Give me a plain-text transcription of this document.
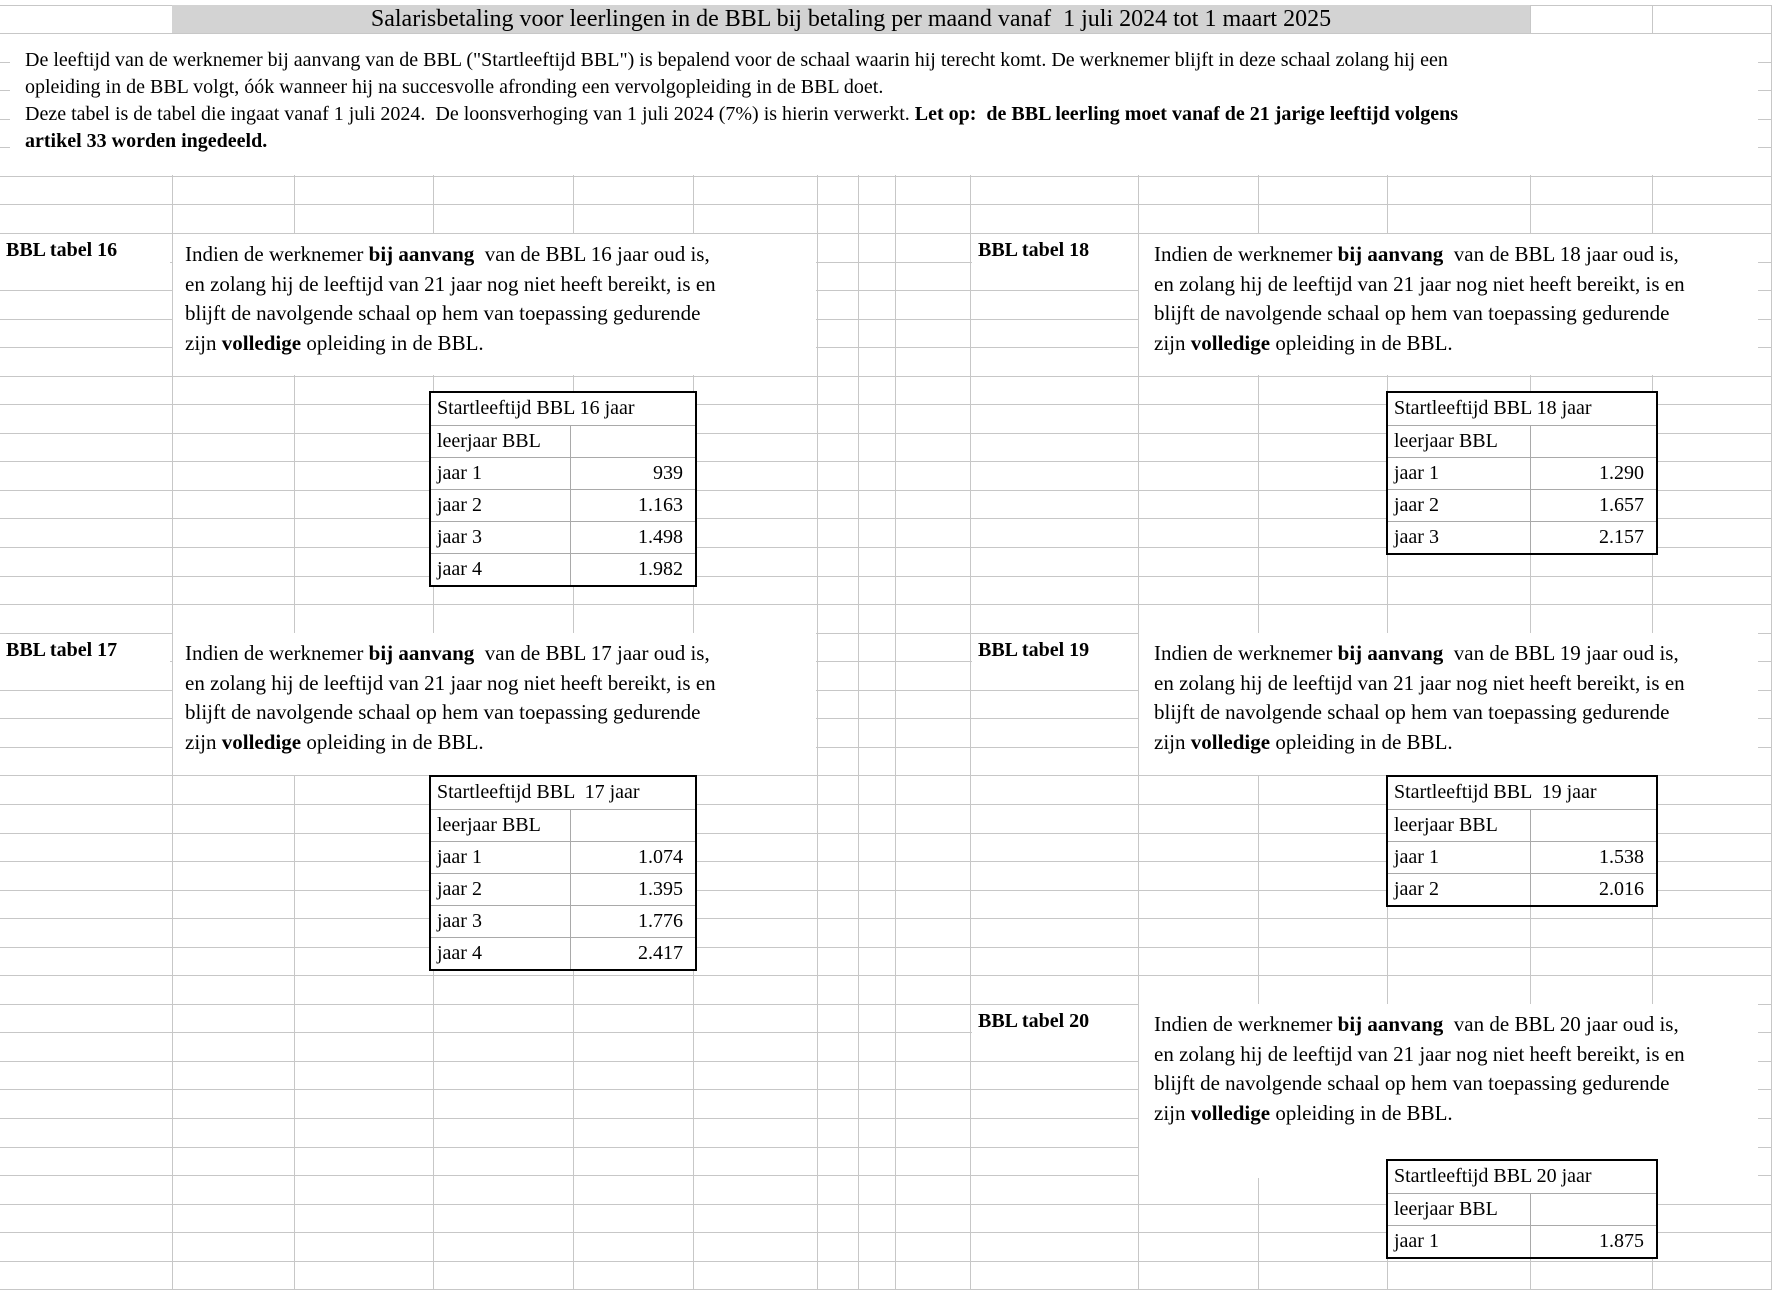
Salarisbetaling voor leerlingen in de BBL bij betaling per maand vanaf  1 juli 2024 tot 1 maart 2025
De leeftijd van de werknemer bij aanvang van de BBL ("Startleeftijd BBL") is bepalend voor de schaal waarin hij terecht komt. De werknemer blijft in deze schaal zolang hij een
opleiding in de BBL volgt, óók wanneer hij na succesvolle afronding een vervolgopleiding in de BBL doet.
Deze tabel is de tabel die ingaat vanaf 1 juli 2024.  De loonsverhoging van 1 juli 2024 (7%) is hierin verwerkt. Let op:  de BBL leerling moet vanaf de 21 jarige leeftijd volgens
artikel 33 worden ingedeeld.
BBL tabel 16	Indien de werknemer bij aanvang  van de BBL 16 jaar oud is,
en zolang hij de leeftijd van 21 jaar nog niet heeft bereikt, is en
blijft de navolgende schaal op hem van toepassing gedurende
zijn volledige opleiding in de BBL.
Startleeftijd BBL 16 jaar
leerjaar BBL
jaar 1	939
jaar 2	1.163
jaar 3	1.498
jaar 4	1.982
BBL tabel 17	Indien de werknemer bij aanvang  van de BBL 17 jaar oud is,
en zolang hij de leeftijd van 21 jaar nog niet heeft bereikt, is en
blijft de navolgende schaal op hem van toepassing gedurende
zijn volledige opleiding in de BBL.
Startleeftijd BBL  17 jaar
leerjaar BBL
jaar 1	1.074
jaar 2	1.395
jaar 3	1.776
jaar 4	2.417
BBL tabel 18	Indien de werknemer bij aanvang  van de BBL 18 jaar oud is,
en zolang hij de leeftijd van 21 jaar nog niet heeft bereikt, is en
blijft de navolgende schaal op hem van toepassing gedurende
zijn volledige opleiding in de BBL.
Startleeftijd BBL 18 jaar
leerjaar BBL
jaar 1	1.290
jaar 2	1.657
jaar 3	2.157
BBL tabel 19	Indien de werknemer bij aanvang  van de BBL 19 jaar oud is,
en zolang hij de leeftijd van 21 jaar nog niet heeft bereikt, is en
blijft de navolgende schaal op hem van toepassing gedurende
zijn volledige opleiding in de BBL.
Startleeftijd BBL  19 jaar
leerjaar BBL
jaar 1	1.538
jaar 2	2.016
BBL tabel 20	Indien de werknemer bij aanvang  van de BBL 20 jaar oud is,
en zolang hij de leeftijd van 21 jaar nog niet heeft bereikt, is en
blijft de navolgende schaal op hem van toepassing gedurende
zijn volledige opleiding in de BBL.
Startleeftijd BBL 20 jaar
leerjaar BBL
jaar 1	1.875
